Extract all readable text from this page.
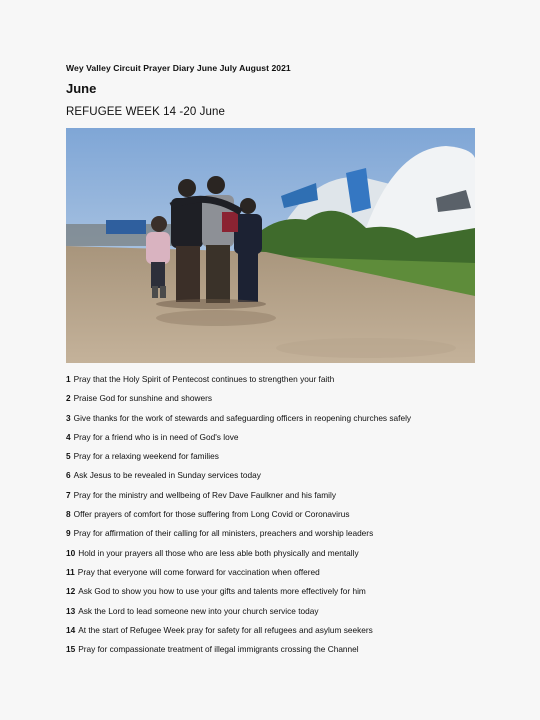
Wey Valley Circuit Prayer Diary June July August 2021
June
REFUGEE WEEK 14 -20 June
1 Pray that the Holy Spirit of Pentecost continues to strengthen your faith
2 Praise God for sunshine and showers
3 Give thanks for the work of stewards and safeguarding officers in reopening churches safely
4 Pray for a friend who is in need of God's love
5 Pray for a relaxing weekend for families
6 Ask Jesus to be revealed in Sunday services today
7 Pray for the ministry and wellbeing of Rev Dave Faulkner and his family
8 Offer prayers of comfort for those suffering from Long Covid or Coronavirus
9 Pray for affirmation of their calling for all ministers, preachers and worship leaders
10 Hold in your prayers all those who are less able both physically and mentally
11 Pray that everyone will come forward for vaccination when offered
12 Ask God to show you how to use your gifts and talents more effectively for him
13 Ask the Lord to lead someone new into your church service today
14 At the start of Refugee Week pray for safety for all refugees and asylum seekers
15 Pray for compassionate treatment of illegal immigrants crossing the Channel
